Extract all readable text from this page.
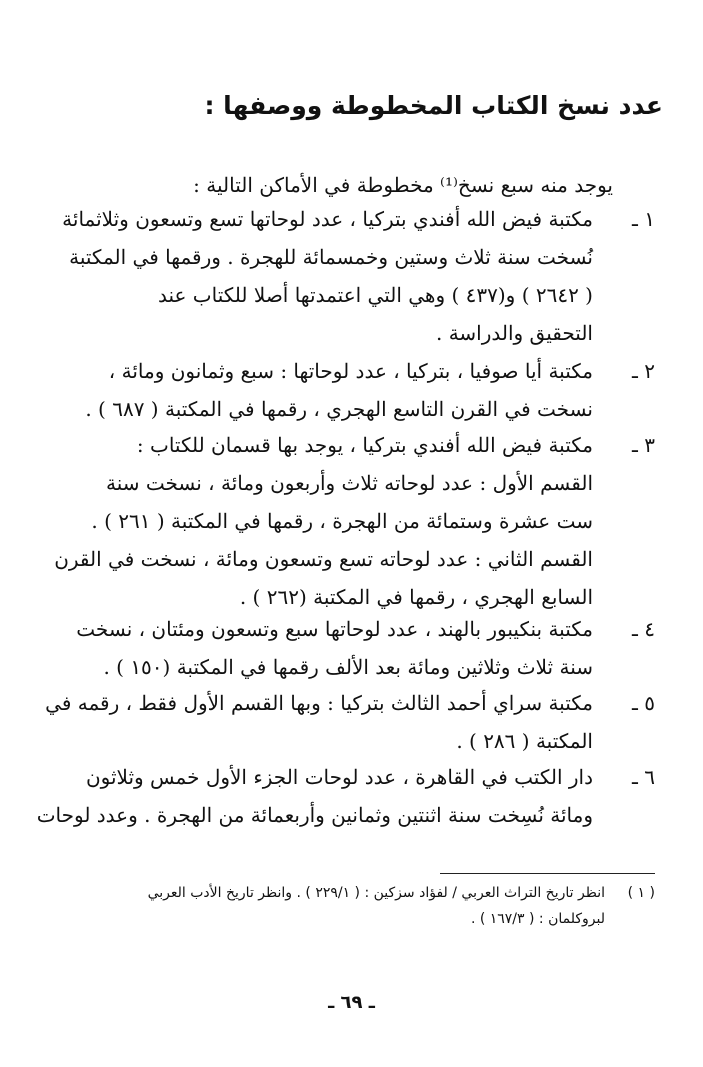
عدد نسخ الكتاب المخطوطة ووصفها :
يوجد منه سبع نسخ⁽¹⁾ مخطوطة في الأماكن التالية :
١ ـ
مكتبة فيض الله أفندي بتركيا ، عدد لوحاتها تسع وتسعون وثلاثمائة
نُسخت سنة ثلاث وستين وخمسمائة للهجرة . ورقمها في المكتبة
( ٢٦٤٢ ) و(٤٣٧ ) وهي التي اعتمدتها أصلا للكتاب عند
التحقيق والدراسة .
٢ ـ
مكتبة أيا صوفيا ، بتركيا ، عدد لوحاتها : سبع وثمانون ومائة ،
نسخت في القرن التاسع الهجري ، رقمها في المكتبة ( ٦٨٧ ) .
٣ ـ
مكتبة فيض الله أفندي بتركيا ، يوجد بها قسمان للكتاب :
القسم الأول : عدد لوحاته ثلاث وأربعون ومائة ، نسخت سنة
ست عشرة وستمائة من الهجرة ، رقمها في المكتبة ( ٢٦١ ) .
القسم الثاني : عدد لوحاته تسع وتسعون ومائة ، نسخت في القرن
السابع الهجري ، رقمها في المكتبة (٢٦٢ ) .
٤ ـ
مكتبة بنكيبور بالهند ، عدد لوحاتها سبع وتسعون ومئتان ، نسخت
سنة ثلاث وثلاثين ومائة بعد الألف رقمها في المكتبة (١٥٠ ) .
٥ ـ
مكتبة سراي أحمد الثالث بتركيا : وبها القسم الأول فقط ، رقمه في
المكتبة ( ٢٨٦ ) .
٦ ـ
دار الكتب في القاهرة ، عدد لوحات الجزء الأول خمس وثلاثون
ومائة نُسِخت سنة اثنتين وثمانين وأربعمائة من الهجرة . وعدد لوحات
( ١ )
انظر تاريخ التراث العربي / لفؤاد سزكين : ( ٢٢٩/١ ) . وانظر تاريخ الأدب العربي
لبروكلمان : ( ١٦٧/٣ ) .
ـ ٦٩ ـ
